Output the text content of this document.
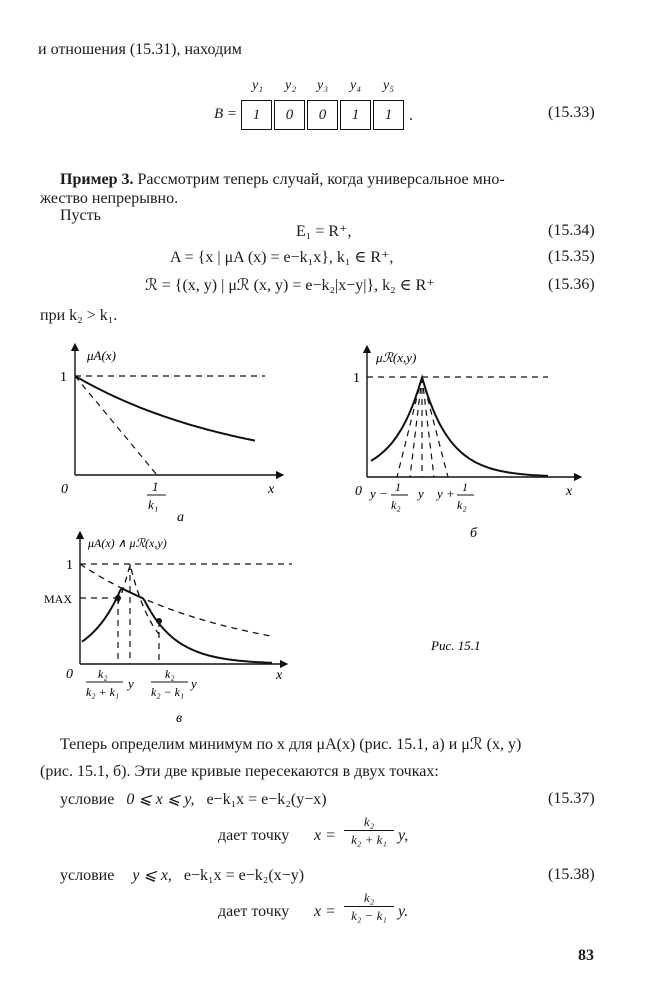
и отношения (15.31), находим
y₁ y₂ y₃ y₄ y₅
B =	1	0	0	1	1	.	(15.33)
Пример 3. Рассмотрим теперь случай, когда универсальное мно-
жество непрерывно.
Пусть
E₁ = R⁺,	(15.34)
A = {x | μA (x) = e−k₁x}, k₁ ∈ R⁺,	(15.35)
ℛ = {(x, y) | μℛ (x, y) = e−k₂|x−y|}, k₂ ∈ R⁺	(15.36)
при k₂ > k₁.
μA(x)
1
0	x
1
k₁
а
μℛ(x,y)
1
0	x
y − 1
k₂
y y + 1
k₂
б
μA(x) ∧ μℛ(x,y)
1
MAX
0	x
k₂
k₂ + k₁
y
k₂
k₂ − k₁
y
в
Рис. 15.1
Теперь определим минимум по x для μA(x) (рис. 15.1, а) и μℛ (x, y)
(рис. 15.1, б). Эти две кривые пересекаются в двух точках:
условие 0 ⩽ x ⩽ y, e−k₁x = e−k₂(y−x)	(15.37)
дает точку x =
k₂
k₂ + k₁ y,
условие y ⩽ x, e−k₁x = e−k₂(x−y)	(15.38)
дает точку x =
k₂
k₂ − k₁ y.
83
